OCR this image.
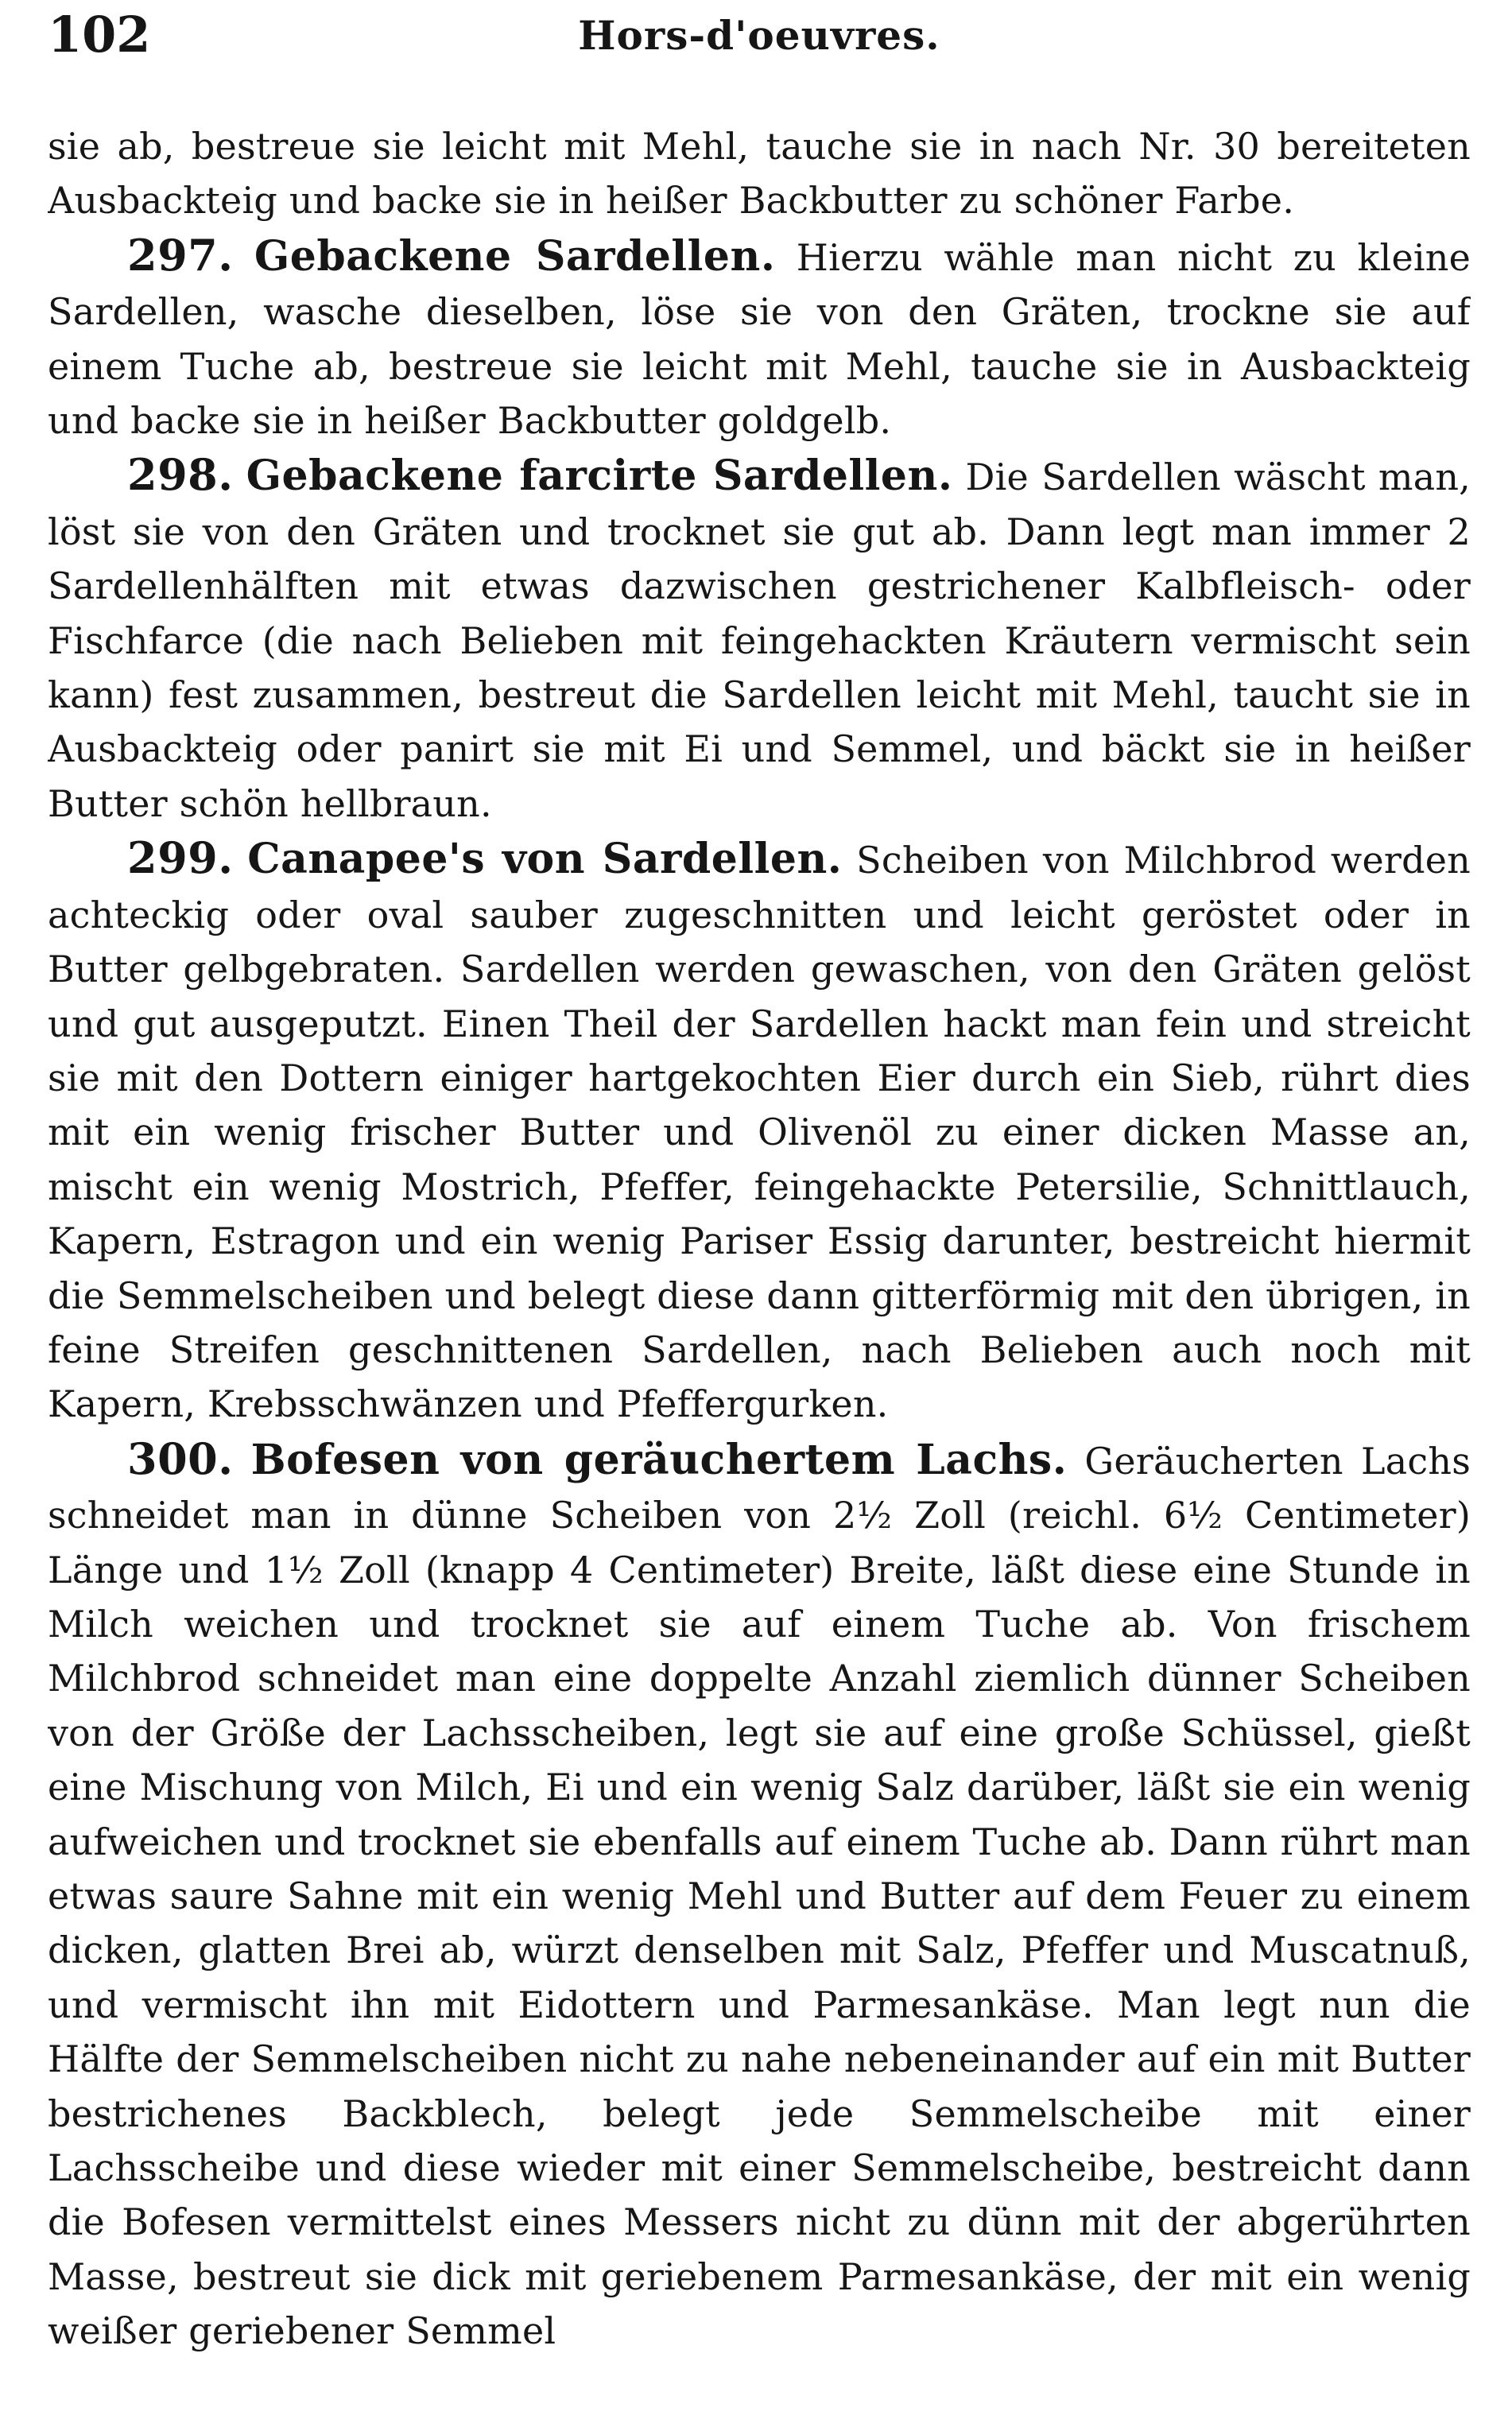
102	Hors-d'oeuvres.

sie ab, bestreue sie leicht mit Mehl, tauche sie in nach Nr. 30 bereiteten Ausbackteig und backe sie in heißer Backbutter zu schöner Farbe.

297. Gebackene Sardellen. Hierzu wähle man nicht zu kleine Sardellen, wasche dieselben, löse sie von den Gräten, trockne sie auf einem Tuche ab, bestreue sie leicht mit Mehl, tauche sie in Ausbackteig und backe sie in heißer Backbutter goldgelb.

298. Gebackene farcirte Sardellen. Die Sardellen wäscht man, löst sie von den Gräten und trocknet sie gut ab. Dann legt man immer 2 Sardellenhälften mit etwas dazwischen gestrichener Kalbfleisch- oder Fischfarce (die nach Belieben mit feingehackten Kräutern vermischt sein kann) fest zusammen, bestreut die Sardellen leicht mit Mehl, taucht sie in Ausbackteig oder panirt sie mit Ei und Semmel, und bäckt sie in heißer Butter schön hellbraun.

299. Canapee's von Sardellen. Scheiben von Milchbrod werden achteckig oder oval sauber zugeschnitten und leicht geröstet oder in Butter gelbgebraten. Sardellen werden gewaschen, von den Gräten gelöst und gut ausgeputzt. Einen Theil der Sardellen hackt man fein und streicht sie mit den Dottern einiger hartgekochten Eier durch ein Sieb, rührt dies mit ein wenig frischer Butter und Olivenöl zu einer dicken Masse an, mischt ein wenig Mostrich, Pfeffer, feingehackte Petersilie, Schnittlauch, Kapern, Estragon und ein wenig Pariser Essig darunter, bestreicht hiermit die Semmelscheiben und belegt diese dann gitterförmig mit den übrigen, in feine Streifen geschnittenen Sardellen, nach Belieben auch noch mit Kapern, Krebsschwänzen und Pfeffergurken.

300. Bofesen von geräuchertem Lachs. Geräucherten Lachs schneidet man in dünne Scheiben von 2½ Zoll (reichl. 6½ Centimeter) Länge und 1½ Zoll (knapp 4 Centimeter) Breite, läßt diese eine Stunde in Milch weichen und trocknet sie auf einem Tuche ab. Von frischem Milchbrod schneidet man eine doppelte Anzahl ziemlich dünner Scheiben von der Größe der Lachsscheiben, legt sie auf eine große Schüssel, gießt eine Mischung von Milch, Ei und ein wenig Salz darüber, läßt sie ein wenig aufweichen und trocknet sie ebenfalls auf einem Tuche ab. Dann rührt man etwas saure Sahne mit ein wenig Mehl und Butter auf dem Feuer zu einem dicken, glatten Brei ab, würzt denselben mit Salz, Pfeffer und Muscatnuß, und vermischt ihn mit Eidottern und Parmesankäse. Man legt nun die Hälfte der Semmelscheiben nicht zu nahe nebeneinander auf ein mit Butter bestrichenes Backblech, belegt jede Semmelscheibe mit einer Lachsscheibe und diese wieder mit einer Semmelscheibe, bestreicht dann die Bofesen vermittelst eines Messers nicht zu dünn mit der abgerührten Masse, bestreut sie dick mit geriebenem Parmesankäse, der mit ein wenig weißer geriebener Semmel
